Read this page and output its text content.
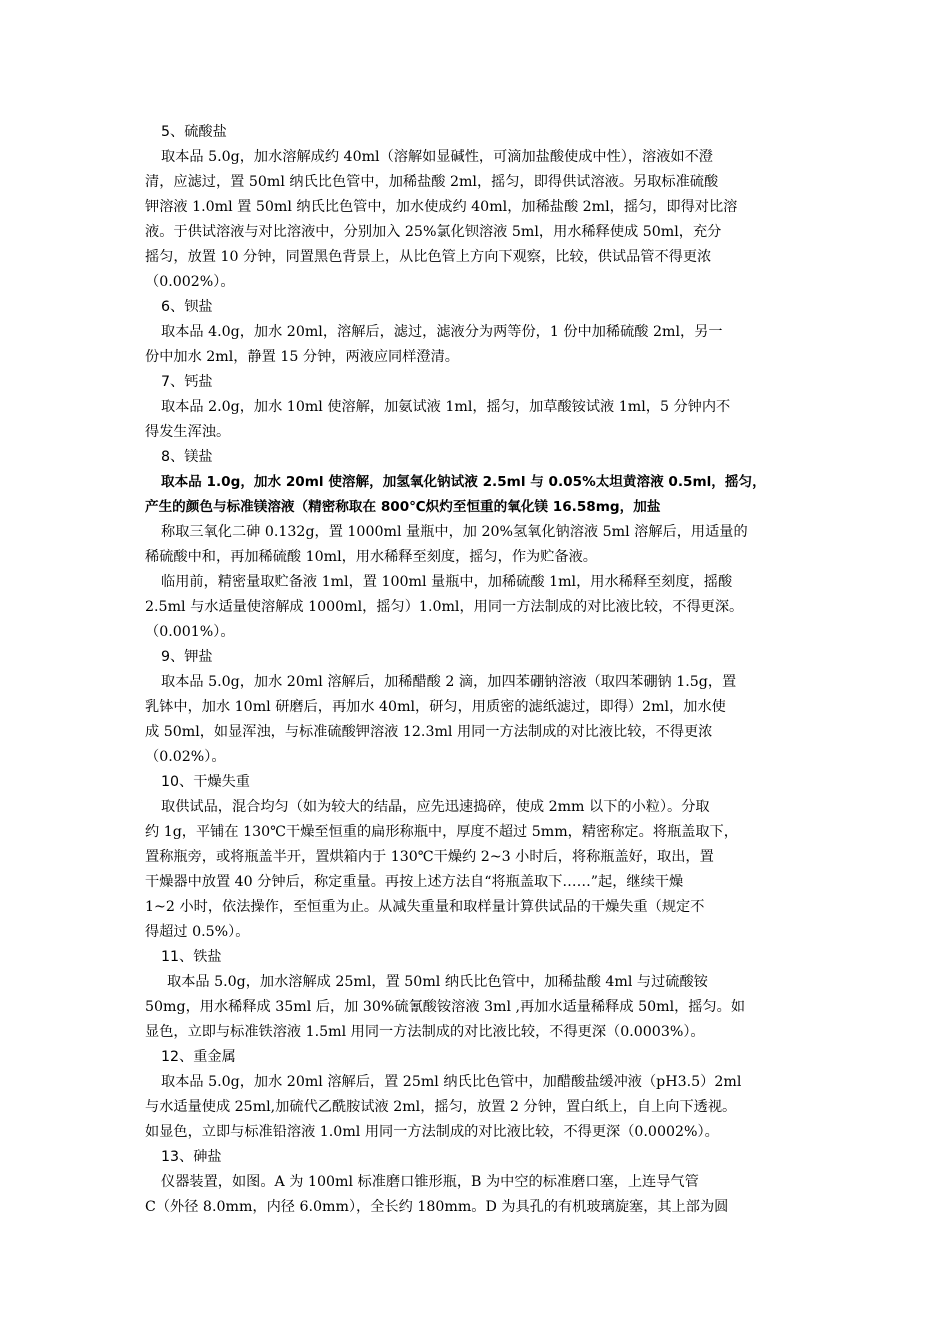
5、硫酸盐
取本品 5.0g，加水溶解成约 40ml（溶解如显碱性，可滴加盐酸使成中性），溶液如不澄
清，应滤过，置 50ml 纳氏比色管中，加稀盐酸 2ml，摇匀，即得供试溶液。另取标准硫酸
钾溶液 1.0ml 置 50ml 纳氏比色管中，加水使成约 40ml，加稀盐酸 2ml，摇匀，即得对比溶
液。于供试溶液与对比溶液中，分别加入 25%氯化钡溶液 5ml，用水稀释使成 50ml，充分
摇匀，放置 10 分钟，同置黑色背景上，从比色管上方向下观察，比较，供试品管不得更浓
（0.002%）。
6、钡盐
取本品 4.0g，加水 20ml，溶解后，滤过，滤液分为两等份，1 份中加稀硫酸 2ml，另一
份中加水 2ml，静置 15 分钟，两液应同样澄清。
7、钙盐
取本品 2.0g，加水 10ml 使溶解，加氨试液 1ml，摇匀，加草酸铵试液 1ml，5 分钟内不
得发生浑浊。
8、镁盐
取本品 1.0g，加水 20ml 使溶解，加氢氧化钠试液 2.5ml 与 0.05%太坦黄溶液 0.5ml，摇匀，
产生的颜色与标准镁溶液（精密称取在 800℃炽灼至恒重的氧化镁 16.58mg，加盐
称取三氧化二砷 0.132g，置 1000ml 量瓶中，加 20%氢氧化钠溶液 5ml 溶解后，用适量的
稀硫酸中和，再加稀硫酸 10ml，用水稀释至刻度，摇匀，作为贮备液。
临用前，精密量取贮备液 1ml，置 100ml 量瓶中，加稀硫酸 1ml，用水稀释至刻度，摇酸
2.5ml 与水适量使溶解成 1000ml，摇匀）1.0ml，用同一方法制成的对比液比较，不得更深。
（0.001%）。
9、钾盐
取本品 5.0g，加水 20ml 溶解后，加稀醋酸 2 滴，加四苯硼钠溶液（取四苯硼钠 1.5g，置
乳钵中，加水 10ml 研磨后，再加水 40ml，研匀，用质密的滤纸滤过，即得）2ml，加水使
成 50ml，如显浑浊，与标准硫酸钾溶液 12.3ml 用同一方法制成的对比液比较，不得更浓
（0.02%）。
10、干燥失重
取供试品，混合均匀（如为较大的结晶，应先迅速捣碎，使成 2mm 以下的小粒）。分取
约 1g，平铺在 130℃干燥至恒重的扁形称瓶中，厚度不超过 5mm，精密称定。将瓶盖取下，
置称瓶旁，或将瓶盖半开，置烘箱内于 130℃干燥约 2~3 小时后，将称瓶盖好，取出，置
干燥器中放置 40 分钟后，称定重量。再按上述方法自“将瓶盖取下……”起，继续干燥
1~2 小时，依法操作，至恒重为止。从减失重量和取样量计算供试品的干燥失重（规定不
得超过 0.5%）。
11、铁盐
取本品 5.0g，加水溶解成 25ml，置 50ml 纳氏比色管中，加稀盐酸 4ml 与过硫酸铵
50mg，用水稀释成 35ml 后，加 30%硫氰酸铵溶液 3ml ,再加水适量稀释成 50ml，摇匀。如
显色，立即与标准铁溶液 1.5ml 用同一方法制成的对比液比较，不得更深（0.0003%）。
12、重金属
取本品 5.0g，加水 20ml 溶解后，置 25ml 纳氏比色管中，加醋酸盐缓冲液（pH3.5）2ml
与水适量使成 25ml,加硫代乙酰胺试液 2ml，摇匀，放置 2 分钟，置白纸上，自上向下透视。
如显色，立即与标准铅溶液 1.0ml 用同一方法制成的对比液比较，不得更深（0.0002%）。
13、砷盐
仪器装置，如图。A 为 100ml 标准磨口锥形瓶，B 为中空的标准磨口塞，上连导气管
C（外径 8.0mm，内径 6.0mm），全长约 180mm。D 为具孔的有机玻璃旋塞，其上部为圆
